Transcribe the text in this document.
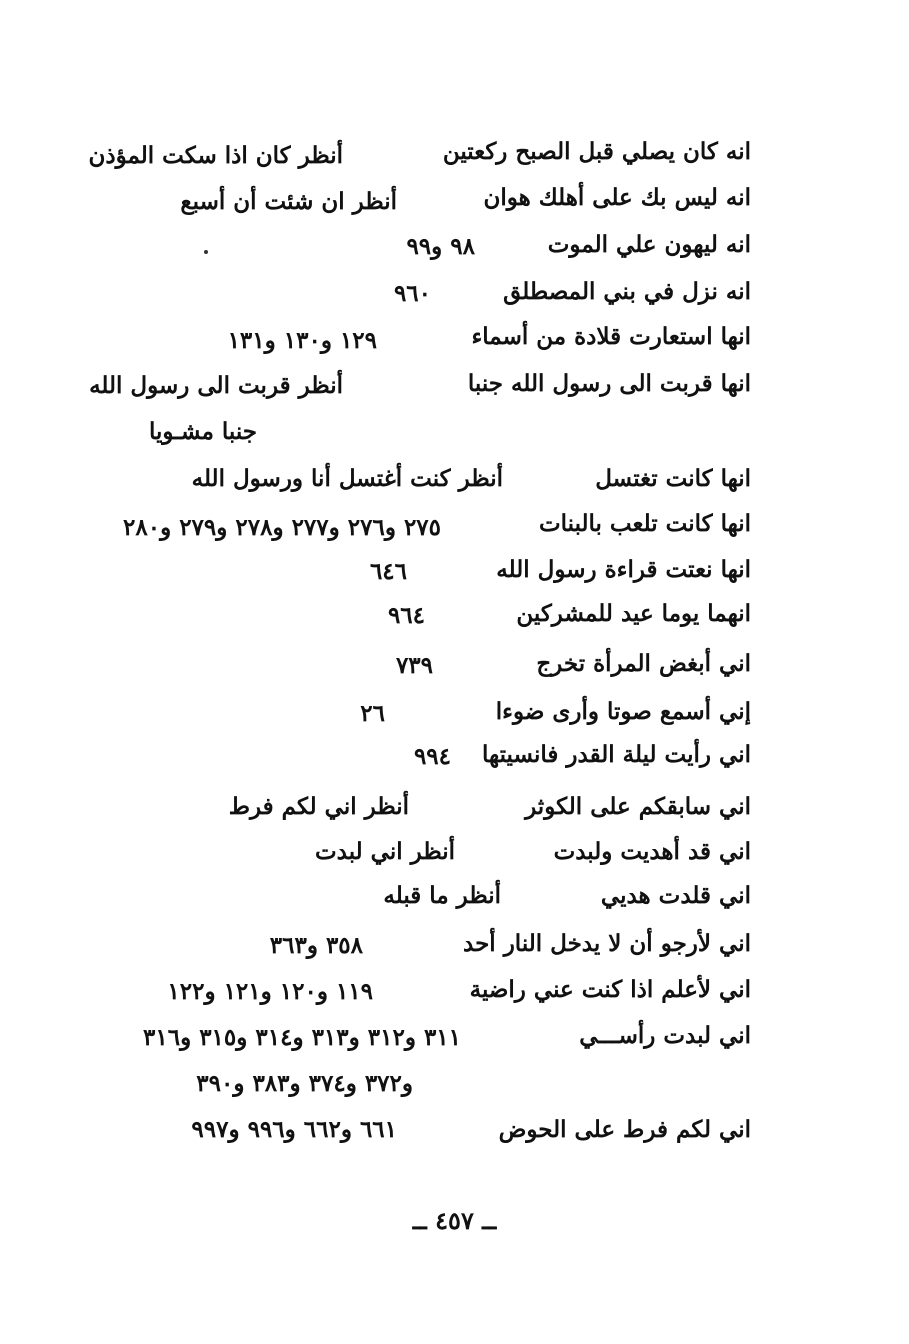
انه كان يصلي قبل الصبح ركعتين
أنظر كان اذا سكت المؤذن
انه ليس بك على أهلك هوان
أنظر ان شئت أن أسبع
انه ليهون علي الموت
٩٨ و٩٩
انه نزل في بني المصطلق
٩٦٠
انها استعارت قلادة من أسماء
١٢٩ و١٣٠ و١٣١
انها قربت الى رسول الله جنبا
أنظر قربت الى رسول الله
جنبا مشـويا
انها كانت تغتسل
أنظر كنت أغتسل أنا ورسول الله
انها كانت تلعب بالبنات
٢٧٥ و٢٧٦ و٢٧٧ و٢٧٨ و٢٧٩ و٢٨٠
انها نعتت قراءة رسول الله
٦٤٦
انهما يوما عيد للمشركين
٩٦٤
اني أبغض المرأة تخرج
٧٣٩
إني أسمع صوتا وأرى ضوءا
٢٦
اني رأيت ليلة القدر فانسيتها
٩٩٤
اني سابقكم على الكوثر
أنظر اني لكم فرط
اني قد أهديت ولبدت
أنظر اني لبدت
اني قلدت هديي
أنظر ما قبله
اني لأرجو أن لا يدخل النار أحد
٣٥٨ و٣٦٣
اني لأعلم اذا كنت عني راضية
١١٩ و١٢٠ و١٢١ و١٢٢
اني لبدت رأســـي
٣١١ و٣١٢ و٣١٣ و٣١٤ و٣١٥ و٣١٦
و٣٧٢ و٣٧٤ و٣٨٣ و٣٩٠
اني لكم فرط على الحوض
٦٦١ و٦٦٢ و٩٩٦ و٩٩٧
ــ ٤٥٧ ــ
